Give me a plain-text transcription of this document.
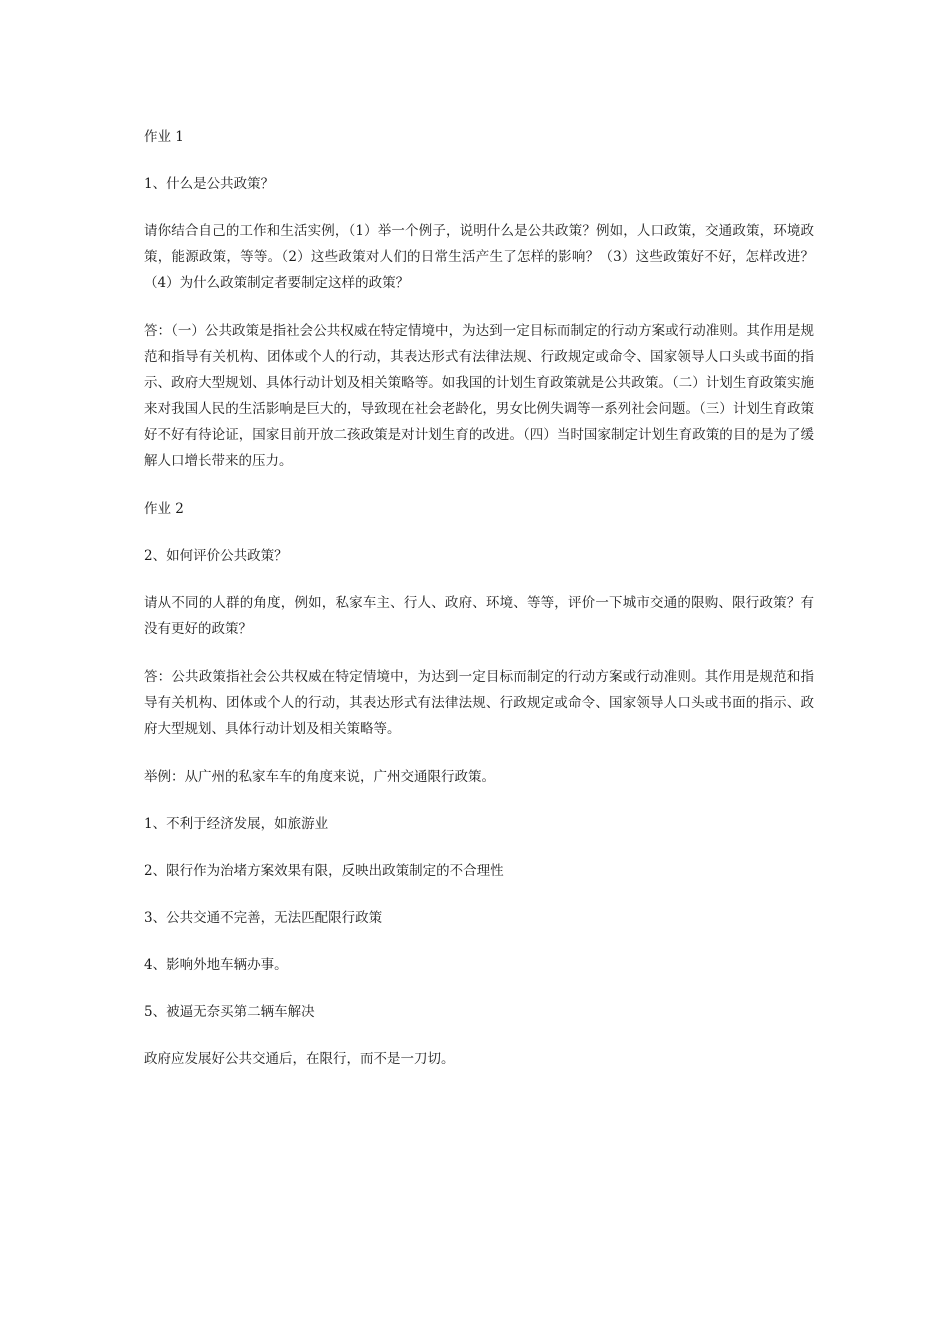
作业 1

1、什么是公共政策？

请你结合自己的工作和生活实例，（1）举一个例子，说明什么是公共政策？例如，人口政策，交通政策，环境政策，能源政策，等等。（2）这些政策对人们的日常生活产生了怎样的影响？（3）这些政策好不好，怎样改进？（4）为什么政策制定者要制定这样的政策？

答：（一）公共政策是指社会公共权威在特定情境中，为达到一定目标而制定的行动方案或行动准则。其作用是规范和指导有关机构、团体或个人的行动，其表达形式有法律法规、行政规定或命令、国家领导人口头或书面的指示、政府大型规划、具体行动计划及相关策略等。如我国的计划生育政策就是公共政策。（二）计划生育政策实施来对我国人民的生活影响是巨大的，导致现在社会老龄化，男女比例失调等一系列社会问题。（三）计划生育政策好不好有待论证，国家目前开放二孩政策是对计划生育的改进。（四）当时国家制定计划生育政策的目的是为了缓解人口增长带来的压力。

作业 2

2、如何评价公共政策？

请从不同的人群的角度，例如，私家车主、行人、政府、环境、等等，评价一下城市交通的限购、限行政策？有没有更好的政策？

答：公共政策指社会公共权威在特定情境中，为达到一定目标而制定的行动方案或行动准则。其作用是规范和指导有关机构、团体或个人的行动，其表达形式有法律法规、行政规定或命令、国家领导人口头或书面的指示、政府大型规划、具体行动计划及相关策略等。

举例：从广州的私家车车的角度来说，广州交通限行政策。

1、不利于经济发展，如旅游业

2、限行作为治堵方案效果有限，反映出政策制定的不合理性

3、公共交通不完善，无法匹配限行政策

4、影响外地车辆办事。

5、被逼无奈买第二辆车解决

政府应发展好公共交通后，在限行，而不是一刀切。
